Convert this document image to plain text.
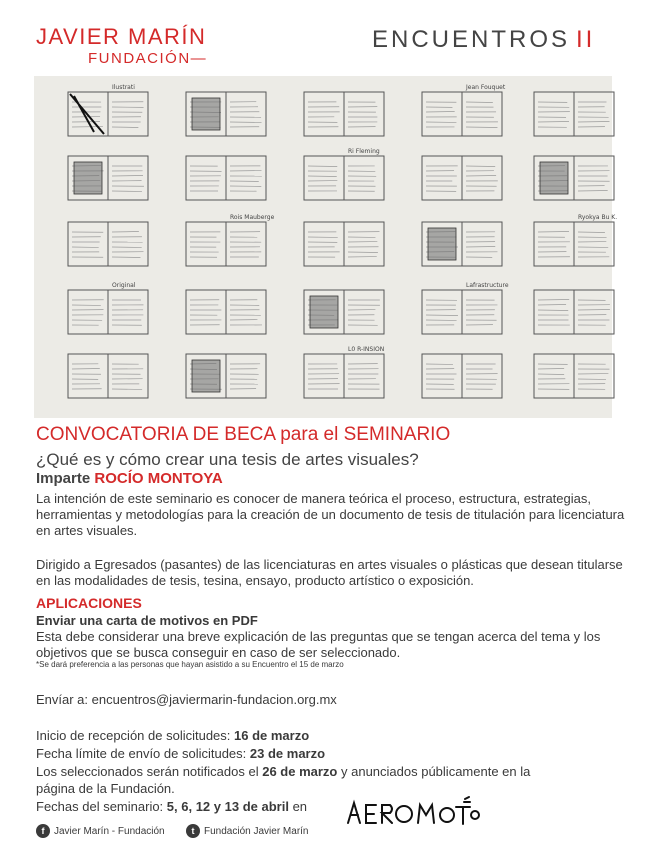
JAVIER MARÍN
FUNDACIÓN—
ENCUENTROS II
Ilustrati	Jean Fouquet
Ri Fleming
Rois Mauberge	Ryokya Bu K.
Original	Lafrastructure
L0 R-INSION
CONVOCATORIA DE BECA para el SEMINARIO
¿Qué es y cómo crear una tesis de artes visuales?
Imparte ROCÍO MONTOYA

La intención de este seminario es conocer de manera teórica el proceso, estructura, estrategias, herramientas y metodologías para la creación de un documento de tesis de titulación para licenciatura en artes visuales.

Dirigido a Egresados (pasantes) de las licenciaturas en artes visuales o plásticas que desean titularse en las modalidades de tesis, tesina, ensayo, producto artístico o exposición.

APLICACIONES
Enviar una carta de motivos en PDF

Esta debe considerar una breve explicación de las preguntas que se tengan acerca del tema y los objetivos que se busca conseguir en caso de ser seleccionado.

*Se dará preferencia a las personas que hayan asistido a su Encuentro el 15 de marzo
Envíar a: encuentros@javiermarin-fundacion.org.mx
Inicio de recepción de solicitudes: 16 de marzo
Fecha límite de envío de solicitudes: 23 de marzo
Los seleccionados serán notificados el 26 de marzo y anunciados públicamente en la
página de la Fundación.
Fechas del seminario: 5, 6, 12 y 13 de abril en
f Javier Marín - Fundación	t Fundación Javier Marín
